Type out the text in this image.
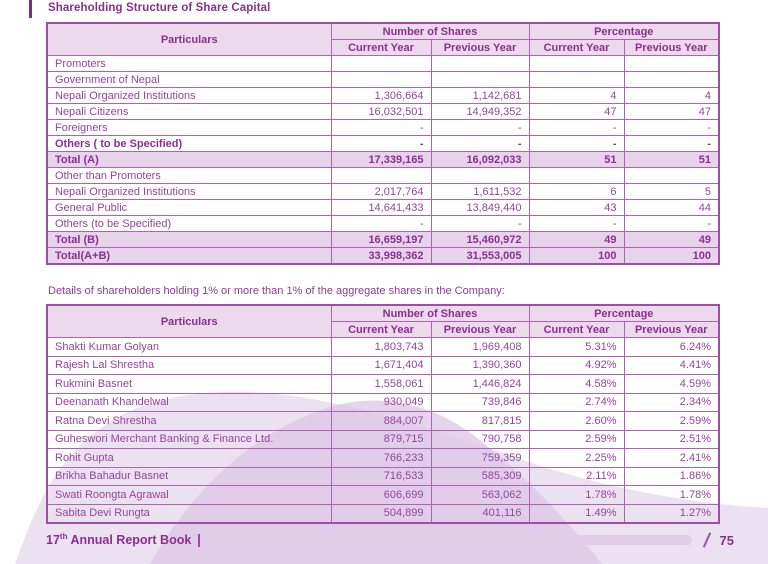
Shareholding Structure of Share Capital
Particulars	Number of Shares		Percentage	
	Current Year	Previous Year	Current Year	Previous Year
Promoters				
Government of Nepal				
Nepali Organized Institutions	1,306,664	1,142,681	4	4
Nepali Citizens	16,032,501	14,949,352	47	47
Foreigners	-	-	-	-
Others ( to be Specified)	-	-	-	-
Total (A)	17,339,165	16,092,033	51	51
Other than Promoters				
Nepali Organized Institutions	2,017,764	1,611,532	6	5
General Public	14,641,433	13,849,440	43	44
Others (to be Specified)	-	-	-	-
Total (B)	16,659,197	15,460,972	49	49
Total(A+B)	33,998,362	31,553,005	100	100
Details of shareholders holding 1% or more than 1% of the aggregate shares in the Company:
Particulars	Number of Shares		Percentage	
	Current Year	Previous Year	Current Year	Previous Year
Shakti Kumar Golyan	1,803,743	1,969,408	5.31%	6.24%
Rajesh Lal Shrestha	1,671,404	1,390,360	4.92%	4.41%
Rukmini Basnet	1,558,061	1,446,824	4.58%	4.59%
Deenanath Khandelwal	930,049	739,846	2.74%	2.34%
Ratna Devi Shrestha	884,007	817,815	2.60%	2.59%
Guheswori Merchant Banking & Finance Ltd.	879,715	790,758	2.59%	2.51%
Rohit Gupta	766,233	759,359	2.25%	2.41%
Brikha Bahadur Basnet	716,533	585,309	2.11%	1.86%
Swati Roongta Agrawal	606,699	563,062	1.78%	1.78%
Sabita Devi Rungta	504,899	401,116	1.49%	1.27%
17th Annual Report Book	75
